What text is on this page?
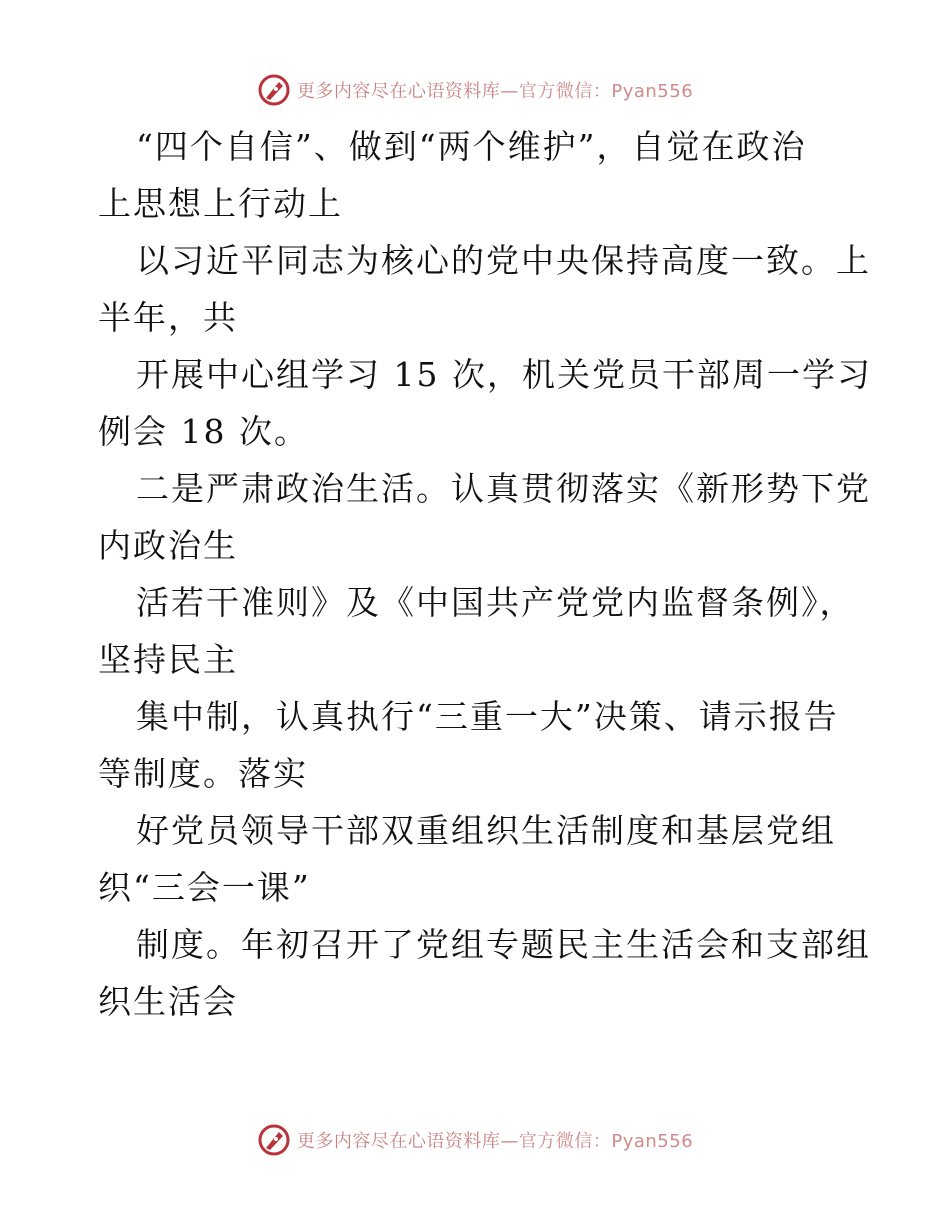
更多内容尽在心语资料库—官方微信：Pyan556
“四个自信”、做到“两个维护”，自觉在政治
上思想上行动上
以习近平同志为核心的党中央保持高度一致。上
半年，共
开展中心组学习 15 次，机关党员干部周一学习
例会 18 次。
二是严肃政治生活。认真贯彻落实《新形势下党
内政治生
活若干准则》及《中国共产党党内监督条例》，
坚持民主
集中制，认真执行“三重一大”决策、请示报告
等制度。落实
好党员领导干部双重组织生活制度和基层党组
织“三会一课”
制度。年初召开了党组专题民主生活会和支部组
织生活会
更多内容尽在心语资料库—官方微信：Pyan556
